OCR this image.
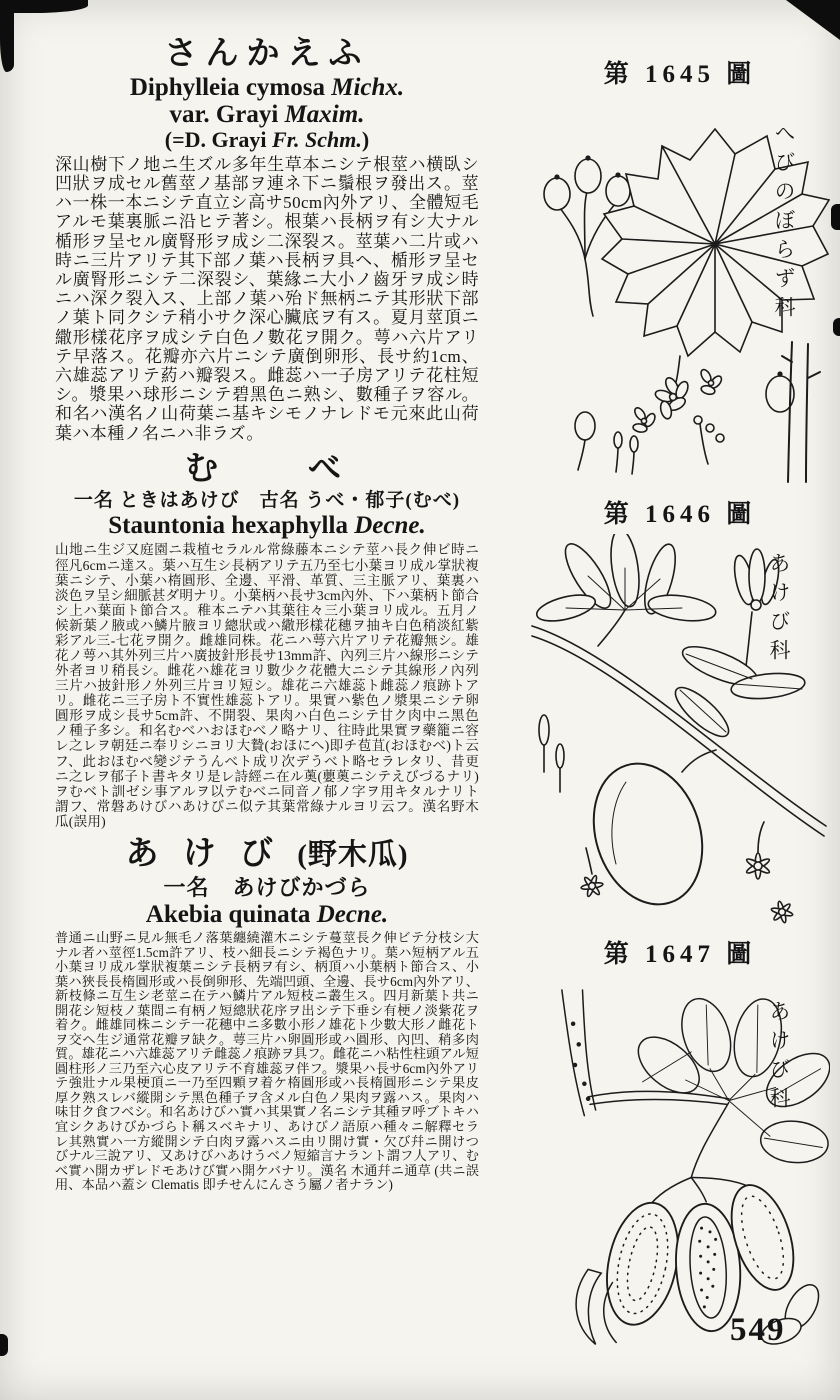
さんかえふ

Diphylleia cymosa Michx.

var. Grayi Maxim.

(=D. Grayi Fr. Schm.)

深山樹下ノ地ニ生ズル多年生草本ニシテ根莖ハ横臥シ凹狀ヲ成セル舊莖ノ基部ヲ連ネ下ニ鬚根ヲ發出ス。莖ハ一株一本ニシテ直立シ高サ50cm內外アリ、全體短毛アルモ葉裏脈ニ沿ヒテ著シ。根葉ハ長柄ヲ有シ大ナル楯形ヲ呈セル廣腎形ヲ成シ二深裂ス。莖葉ハ二片或ハ時ニ三片アリテ其下部ノ葉ハ長柄ヲ具ヘ、楯形ヲ呈セル廣腎形ニシテ二深裂シ、葉緣ニ大小ノ齒牙ヲ成シ時ニハ深ク裂入ス、上部ノ葉ハ殆ド無柄ニテ其形狀下部ノ葉ト同クシテ稍小サク深心臟底ヲ有ス。夏月莖頂ニ繖形樣花序ヲ成シテ白色ノ數花ヲ開ク。萼ハ六片アリテ早落ス。花瓣亦六片ニシテ廣倒卵形、長サ約1cm、六雄蕊アリテ葯ハ瓣裂ス。雌蕊ハ一子房アリテ花柱短シ。漿果ハ球形ニシテ碧黑色ニ熟シ、數種子ヲ容ル。和名ハ漢名ノ山荷葉ニ基キシモノナレドモ元來此山荷葉ハ本種ノ名ニハ非ラズ。

む　　べ

一名 ときはあけび　古名 うべ・郁子(むべ)

Stauntonia hexaphylla Decne.

山地ニ生ジ又庭園ニ栽植セラルル常綠藤本ニシテ莖ハ長ク伸ビ時ニ徑凡6cmニ達ス。葉ハ互生シ長柄アリテ五乃至七小葉ヨリ成ル掌狀複葉ニシテ、小葉ハ楕圓形、全邊、平滑、革質、三主脈アリ、葉裏ハ淡色ヲ呈シ細脈甚ダ明ナリ。小葉柄ハ長サ3cm內外、下ハ葉柄ト節合シ上ハ葉面ト節合ス。稚本ニテハ其葉往々三小葉ヨリ成ル。五月ノ候新葉ノ腋或ハ鱗片腋ヨリ總狀或ハ繖形樣花穗ヲ抽キ白色稍淡紅紫彩アル三-七花ヲ開ク。雌雄同株。花ニハ萼六片アリテ花瓣無シ。雄花ノ萼ハ其外列三片ハ廣披針形長サ13mm許、內列三片ハ線形ニシテ外者ヨリ稍長シ。雌花ハ雄花ヨリ數少ク花體大ニシテ其線形ノ內列三片ハ披針形ノ外列三片ヨリ短シ。雄花ニ六雄蕊ト雌蕊ノ痕跡トアリ。雌花ニ三子房ト不實性雄蕊トアリ。果實ハ紫色ノ漿果ニシテ卵圓形ヲ成シ長サ5cm許、不開裂、果肉ハ白色ニシテ甘ク肉中ニ黑色ノ種子多シ。和名むべハおほむべノ略ナリ、往時此果實ヲ藥籠ニ容レ之レヲ朝廷ニ奉リシニヨリ大贄(おほにへ)即チ苞苴(おほむべ)ト云フ、此おほむべ變ジテうんべト成リ次デうべト略セラレタリ、昔更ニ之レヲ郁子ト書キタリ是レ詩經ニ在ル薁(蘡薁ニシテえびづるナリ)ヲむベト訓ゼシ事アルヲ以テむべニ同音ノ郁ノ字ヲ用キタルナリト謂フ、常磐あけびハあけびニ似テ其葉常綠ナルヨリ云フ。漢名野木瓜(誤用)

あ け び (野木瓜)

一名　あけびかづら

Akebia quinata Decne.

普通ニ山野ニ見ル無毛ノ落葉纏繞灌木ニシテ蔓莖長ク伸ビテ分枝シ大ナル者ハ莖徑1.5cm許アリ、枝ハ細長ニシテ褐色ナリ。葉ハ短柄アル五小葉ヨリ成ル掌狀複葉ニシテ長柄ヲ有シ、柄頂ハ小葉柄ト節合ス、小葉ハ狹長長楕圓形或ハ長倒卵形、先端凹頭、全邊、長サ6cm內外アリ、新枝條ニ互生シ老莖ニ在テハ鱗片アル短枝ニ叢生ス。四月新葉ト共ニ開花シ短枝ノ葉間ニ有柄ノ短總狀花序ヲ出シテ下垂シ有梗ノ淡紫花ヲ着ク。雌雄同株ニシテ一花穗中ニ多數小形ノ雄花ト少數大形ノ雌花トヲ交ヘ生ジ通常花瓣ヲ缺ク。萼三片ハ卵圓形或ハ圓形、內凹、稍多肉質。雄花ニハ六雄蕊アリテ雌蕊ノ痕跡ヲ具フ。雌花ニハ粘性柱頭アル短圓柱形ノ三乃至六心皮アリテ不育雄蕊ヲ伴フ。漿果ハ長サ6cm內外アリテ強壯ナル果梗頂ニ一乃至四顆ヲ着ケ楕圓形或ハ長楕圓形ニシテ果皮厚ク熟スレバ縱開シテ黑色種子ヲ含メル白色ノ果肉ヲ露ハス。果肉ハ味甘ク食フベシ。和名あけびハ實ハ其果實ノ名ニシテ其種ヲ呼ブトキハ宜シクあけびかづらト稱スベキナリ、あけびノ語原ハ種々ニ解釋セラレ其熟實ハ一方縱開シテ白肉ヲ露ハスニ由リ開け實・欠び幷ニ開けつびナル三說アリ、又あけびハあけうベノ短縮言ナラント謂フ人アリ、むべ實ハ開カザレドモあけび實ハ開ケバナリ。漢名 木通幷ニ通草 (共ニ誤用、本品ハ蓋シ Clematis 即チせんにんさう屬ノ者ナラン)

第 1645 圖
第 1646 圖
第 1647 圖
へびのぼらず科
あけび科
あけび科
549
